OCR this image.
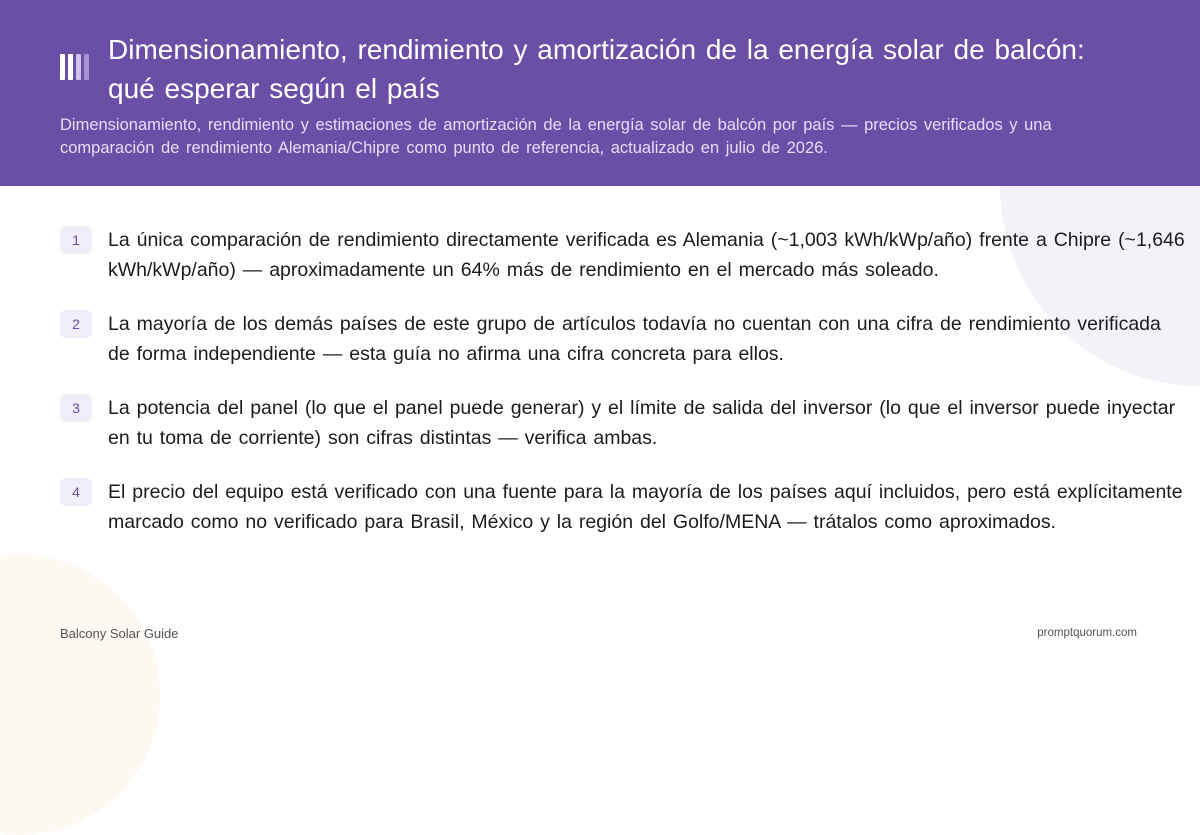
Dimensionamiento, rendimiento y amortización de la energía solar de balcón: qué esperar según el país

Dimensionamiento, rendimiento y estimaciones de amortización de la energía solar de balcón por país — precios verificados y una comparación de rendimiento Alemania/Chipre como punto de referencia, actualizado en julio de 2026.

1	La única comparación de rendimiento directamente verificada es Alemania (~1,003 kWh/kWp/año) frente a Chipre (~1,646 kWh/kWp/año) — aproximadamente un 64% más de rendimiento en el mercado más soleado.
2	La mayoría de los demás países de este grupo de artículos todavía no cuentan con una cifra de rendimiento verificada de forma independiente — esta guía no afirma una cifra concreta para ellos.
3	La potencia del panel (lo que el panel puede generar) y el límite de salida del inversor (lo que el inversor puede inyectar en tu toma de corriente) son cifras distintas — verifica ambas.
4	El precio del equipo está verificado con una fuente para la mayoría de los países aquí incluidos, pero está explícitamente marcado como no verificado para Brasil, México y la región del Golfo/MENA — trátalos como aproximados.
Balcony Solar Guide	promptquorum.com
